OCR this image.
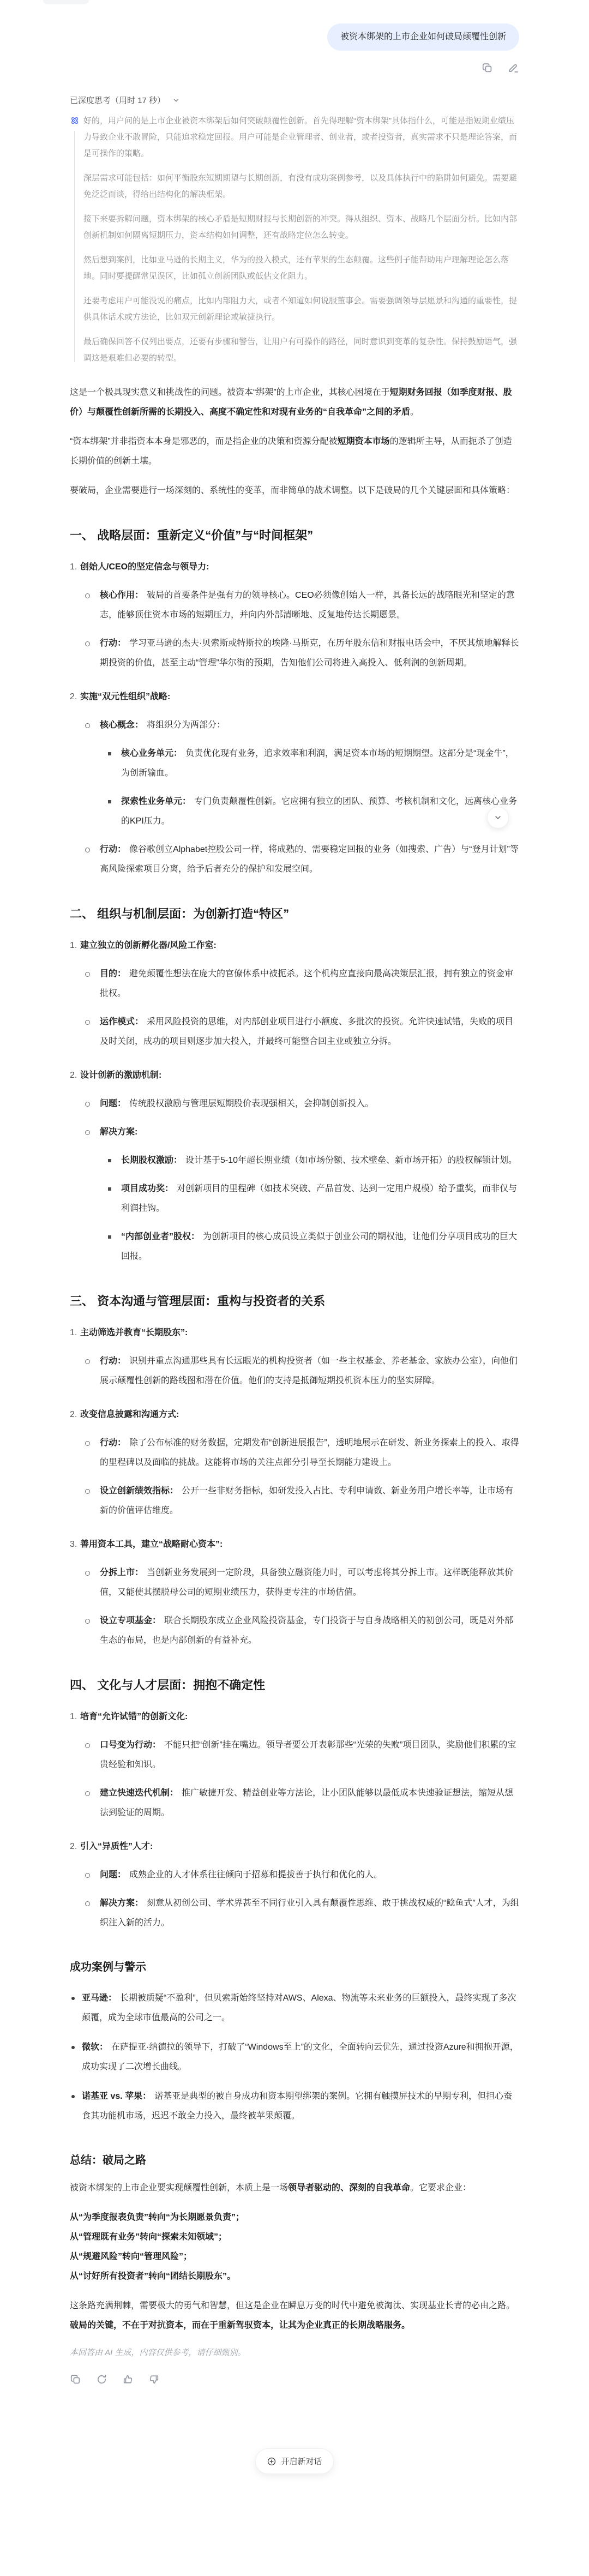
被资本绑架的上市企业如何破局颠覆性创新
已深度思考（用时 17 秒）

好的，用户问的是上市企业被资本绑架后如何突破颠覆性创新。首先得理解“资本绑架”具体指什么，可能是指短期业绩压力导致企业不敢冒险，只能追求稳定回报。用户可能是企业管理者、创业者，或者投资者，真实需求不只是理论答案，而是可操作的策略。

深层需求可能包括：如何平衡股东短期期望与长期创新，有没有成功案例参考，以及具体执行中的陷阱如何避免。需要避免泛泛而谈，得给出结构化的解决框架。

接下来要拆解问题，资本绑架的核心矛盾是短期财报与长期创新的冲突。得从组织、资本、战略几个层面分析。比如内部创新机制如何隔离短期压力，资本结构如何调整，还有战略定位怎么转变。

然后想到案例，比如亚马逊的长期主义，华为的投入模式，还有苹果的生态颠覆。这些例子能帮助用户理解理论怎么落地。同时要提醒常见误区，比如孤立创新团队或低估文化阻力。

还要考虑用户可能没说的痛点，比如内部阻力大，或者不知道如何说服董事会。需要强调领导层愿景和沟通的重要性，提供具体话术或方法论，比如双元创新理论或敏捷执行。

最后确保回答不仅列出要点，还要有步骤和警告，让用户有可操作的路径，同时意识到变革的复杂性。保持鼓励语气，强调这是艰难但必要的转型。

这是一个极具现实意义和挑战性的问题。被资本“绑架”的上市企业，其核心困境在于短期财务回报（如季度财报、股价）与颠覆性创新所需的长期投入、高度不确定性和对现有业务的“自我革命”之间的矛盾。

“资本绑架”并非指资本本身是邪恶的，而是指企业的决策和资源分配被短期资本市场的逻辑所主导，从而扼杀了创造长期价值的创新土壤。

要破局，企业需要进行一场深刻的、系统性的变革，而非简单的战术调整。以下是破局的几个关键层面和具体策略：

一、 战略层面：重新定义“价值”与“时间框架”
创始人/CEO的坚定信念与领导力:
核心作用： 破局的首要条件是强有力的领导核心。CEO必须像创始人一样，具备长远的战略眼光和坚定的意志，能够顶住资本市场的短期压力，并向内外部清晰地、反复地传达长期愿景。
行动： 学习亚马逊的杰夫·贝索斯或特斯拉的埃隆·马斯克，在历年股东信和财报电话会中，不厌其烦地解释长期投资的价值，甚至主动“管理”华尔街的预期，告知他们公司将进入高投入、低利润的创新周期。
实施“双元性组织”战略:
核心概念： 将组织分为两部分：
核心业务单元： 负责优化现有业务，追求效率和利润，满足资本市场的短期期望。这部分是“现金牛”，为创新输血。
探索性业务单元： 专门负责颠覆性创新。它应拥有独立的团队、预算、考核机制和文化，远离核心业务的KPI压力。
行动： 像谷歌创立Alphabet控股公司一样，将成熟的、需要稳定回报的业务（如搜索、广告）与“登月计划”等高风险探索项目分离，给予后者充分的保护和发展空间。
二、 组织与机制层面：为创新打造“特区”
建立独立的创新孵化器/风险工作室:
目的： 避免颠覆性想法在庞大的官僚体系中被扼杀。这个机构应直接向最高决策层汇报，拥有独立的资金审批权。
运作模式： 采用风险投资的思维，对内部创业项目进行小额度、多批次的投资。允许快速试错，失败的项目及时关闭，成功的项目则逐步加大投入，并最终可能整合回主业或独立分拆。
设计创新的激励机制:
问题： 传统股权激励与管理层短期股价表现强相关，会抑制创新投入。
解决方案:
长期股权激励： 设计基于5-10年超长期业绩（如市场份额、技术壁垒、新市场开拓）的股权解锁计划。
项目成功奖： 对创新项目的里程碑（如技术突破、产品首发、达到一定用户规模）给予重奖，而非仅与利润挂钩。
“内部创业者”股权： 为创新项目的核心成员设立类似于创业公司的期权池，让他们分享项目成功的巨大回报。
三、 资本沟通与管理层面：重构与投资者的关系
主动筛选并教育“长期股东”:
行动： 识别并重点沟通那些具有长远眼光的机构投资者（如一些主权基金、养老基金、家族办公室），向他们展示颠覆性创新的路线图和潜在价值。他们的支持是抵御短期投机资本压力的坚实屏障。
改变信息披露和沟通方式:
行动： 除了公布标准的财务数据，定期发布“创新进展报告”，透明地展示在研发、新业务探索上的投入、取得的里程碑以及面临的挑战。这能将市场的关注点部分引导至长期能力建设上。
设立创新绩效指标： 公开一些非财务指标，如研发投入占比、专利申请数、新业务用户增长率等，让市场有新的价值评估维度。
善用资本工具，建立“战略耐心资本”:
分拆上市： 当创新业务发展到一定阶段，具备独立融资能力时，可以考虑将其分拆上市。这样既能释放其价值，又能使其摆脱母公司的短期业绩压力，获得更专注的市场估值。
设立专项基金： 联合长期股东成立企业风险投资基金，专门投资于与自身战略相关的初创公司，既是对外部生态的布局，也是内部创新的有益补充。
四、 文化与人才层面：拥抱不确定性
培育“允许试错”的创新文化:
口号变为行动： 不能只把“创新”挂在嘴边。领导者要公开表彰那些“光荣的失败”项目团队，奖励他们积累的宝贵经验和知识。
建立快速迭代机制： 推广敏捷开发、精益创业等方法论，让小团队能够以最低成本快速验证想法，缩短从想法到验证的周期。
引入“异质性”人才:
问题： 成熟企业的人才体系往往倾向于招募和提拔善于执行和优化的人。
解决方案： 刻意从初创公司、学术界甚至不同行业引入具有颠覆性思维、敢于挑战权威的“鲶鱼式”人才，为组织注入新的活力。
成功案例与警示
亚马逊： 长期被质疑“不盈利”，但贝索斯始终坚持对AWS、Alexa、物流等未来业务的巨额投入，最终实现了多次颠覆，成为全球市值最高的公司之一。
微软： 在萨提亚·纳德拉的领导下，打破了“Windows至上”的文化，全面转向云优先，通过投资Azure和拥抱开源，成功实现了二次增长曲线。
诺基亚 vs. 苹果： 诺基亚是典型的被自身成功和资本期望绑架的案例。它拥有触摸屏技术的早期专利，但担心蚕食其功能机市场，迟迟不敢全力投入，最终被苹果颠覆。
总结：破局之路

被资本绑架的上市企业要实现颠覆性创新，本质上是一场领导者驱动的、深刻的自我革命。它要求企业：

从“为季度报表负责”转向“为长期愿景负责”；
从“管理既有业务”转向“探索未知领域”；
从“规避风险”转向“管理风险”；
从“讨好所有投资者”转向“团结长期股东”。

这条路充满荆棘，需要极大的勇气和智慧，但这是企业在瞬息万变的时代中避免被淘汰、实现基业长青的必由之路。破局的关键，不在于对抗资本，而在于重新驾驭资本，让其为企业真正的长期战略服务。

本回答由 AI 生成，内容仅供参考，请仔细甄别。

开启新对话
